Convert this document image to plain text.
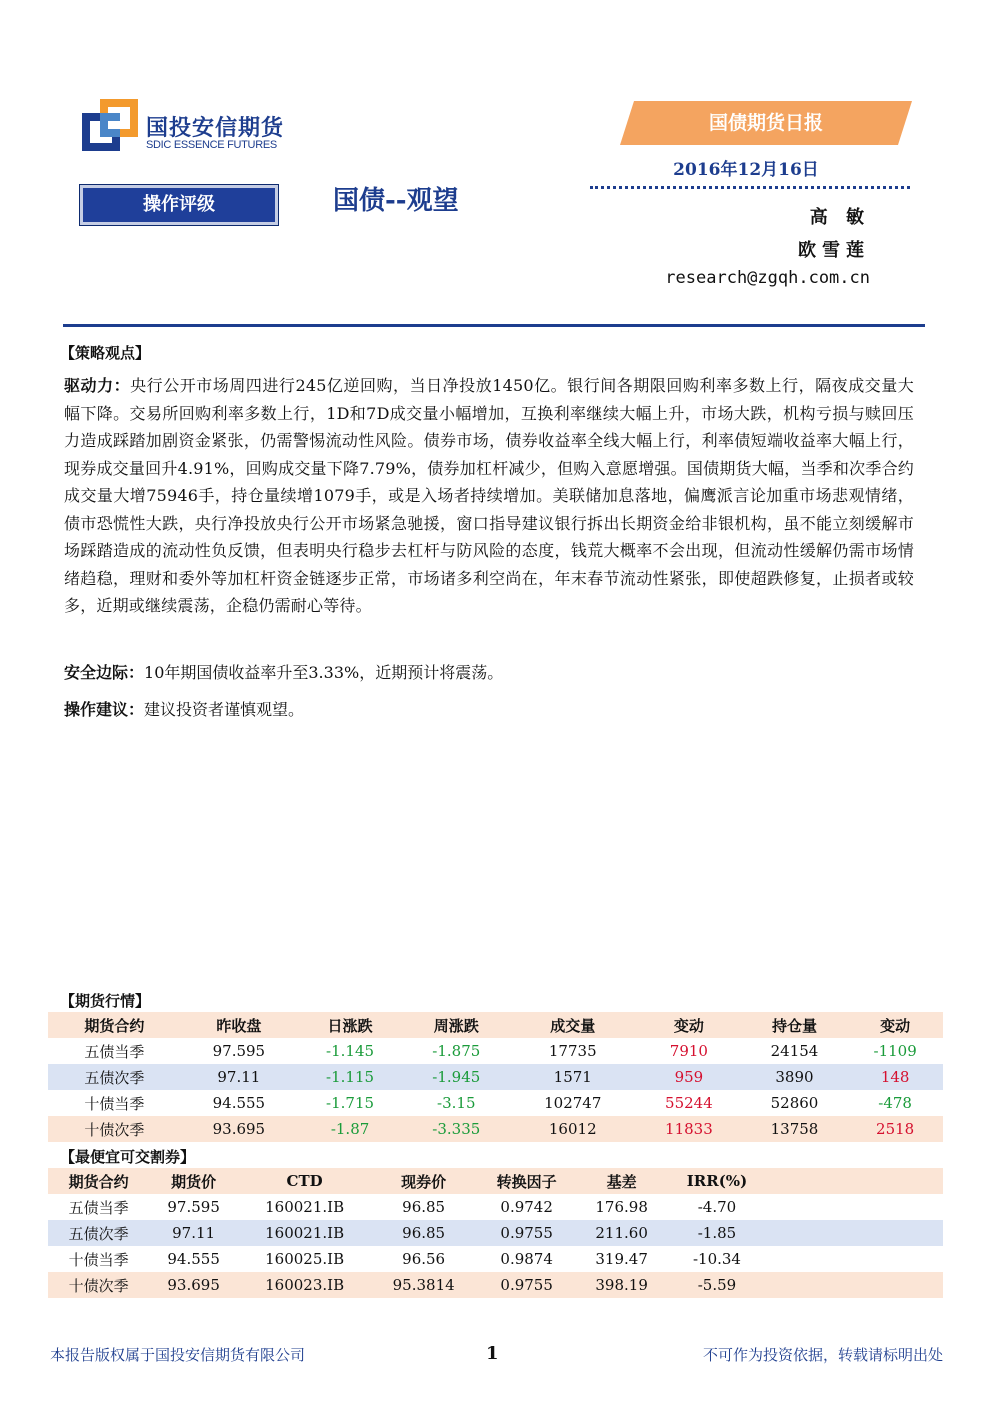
国投安信期货
SDIC ESSENCE FUTURES
国债期货日报
2016年12月16日
操作评级	国债--观望
高 敏
欧雪莲
research@zgqh.com.cn
【策略观点】

驱动力：央行公开市场周四进行245亿逆回购，当日净投放1450亿。银行间各期限回购利率多数上行，隔夜成交量大幅下降。交易所回购利率多数上行，1D和7D成交量小幅增加，互换利率继续大幅上升，市场大跌，机构亏损与赎回压力造成踩踏加剧资金紧张，仍需警惕流动性风险。债券市场，债券收益率全线大幅上行，利率债短端收益率大幅上行，现券成交量回升4.91%，回购成交量下降7.79%，债券加杠杆减少，但购入意愿增强。国债期货大幅，当季和次季合约成交量大增75946手，持仓量续增1079手，或是入场者持续增加。美联储加息落地，偏鹰派言论加重市场悲观情绪，债市恐慌性大跌，央行净投放央行公开市场紧急驰援，窗口指导建议银行拆出长期资金给非银机构，虽不能立刻缓解市场踩踏造成的流动性负反馈，但表明央行稳步去杠杆与防风险的态度，钱荒大概率不会出现，但流动性缓解仍需市场情绪趋稳，理财和委外等加杠杆资金链逐步正常，市场诸多利空尚在，年末春节流动性紧张，即使超跌修复，止损者或较多，近期或继续震荡，企稳仍需耐心等待。

安全边际：10年期国债收益率升至3.33%，近期预计将震荡。
操作建议：建议投资者谨慎观望。
【期货行情】
期货合约	昨收盘	日涨跌	周涨跌	成交量	变动	持仓量	变动
五债当季	97.595	-1.145	-1.875	17735	7910	24154	-1109
五债次季	97.11	-1.115	-1.945	1571	959	3890	148
十债当季	94.555	-1.715	-3.15	102747	55244	52860	-478
十债次季	93.695	-1.87	-3.335	16012	11833	13758	2518
【最便宜可交割券】
期货合约	期货价	CTD	现券价	转换因子	基差	IRR(%)	
五债当季	97.595	160021.IB	96.85	0.9742	176.98	-4.70	
五债次季	97.11	160021.IB	96.85	0.9755	211.60	-1.85	
十债当季	94.555	160025.IB	96.56	0.9874	319.47	-10.34	
十债次季	93.695	160023.IB	95.3814	0.9755	398.19	-5.59	
本报告版权属于国投安信期货有限公司	1	不可作为投资依据，转载请标明出处
